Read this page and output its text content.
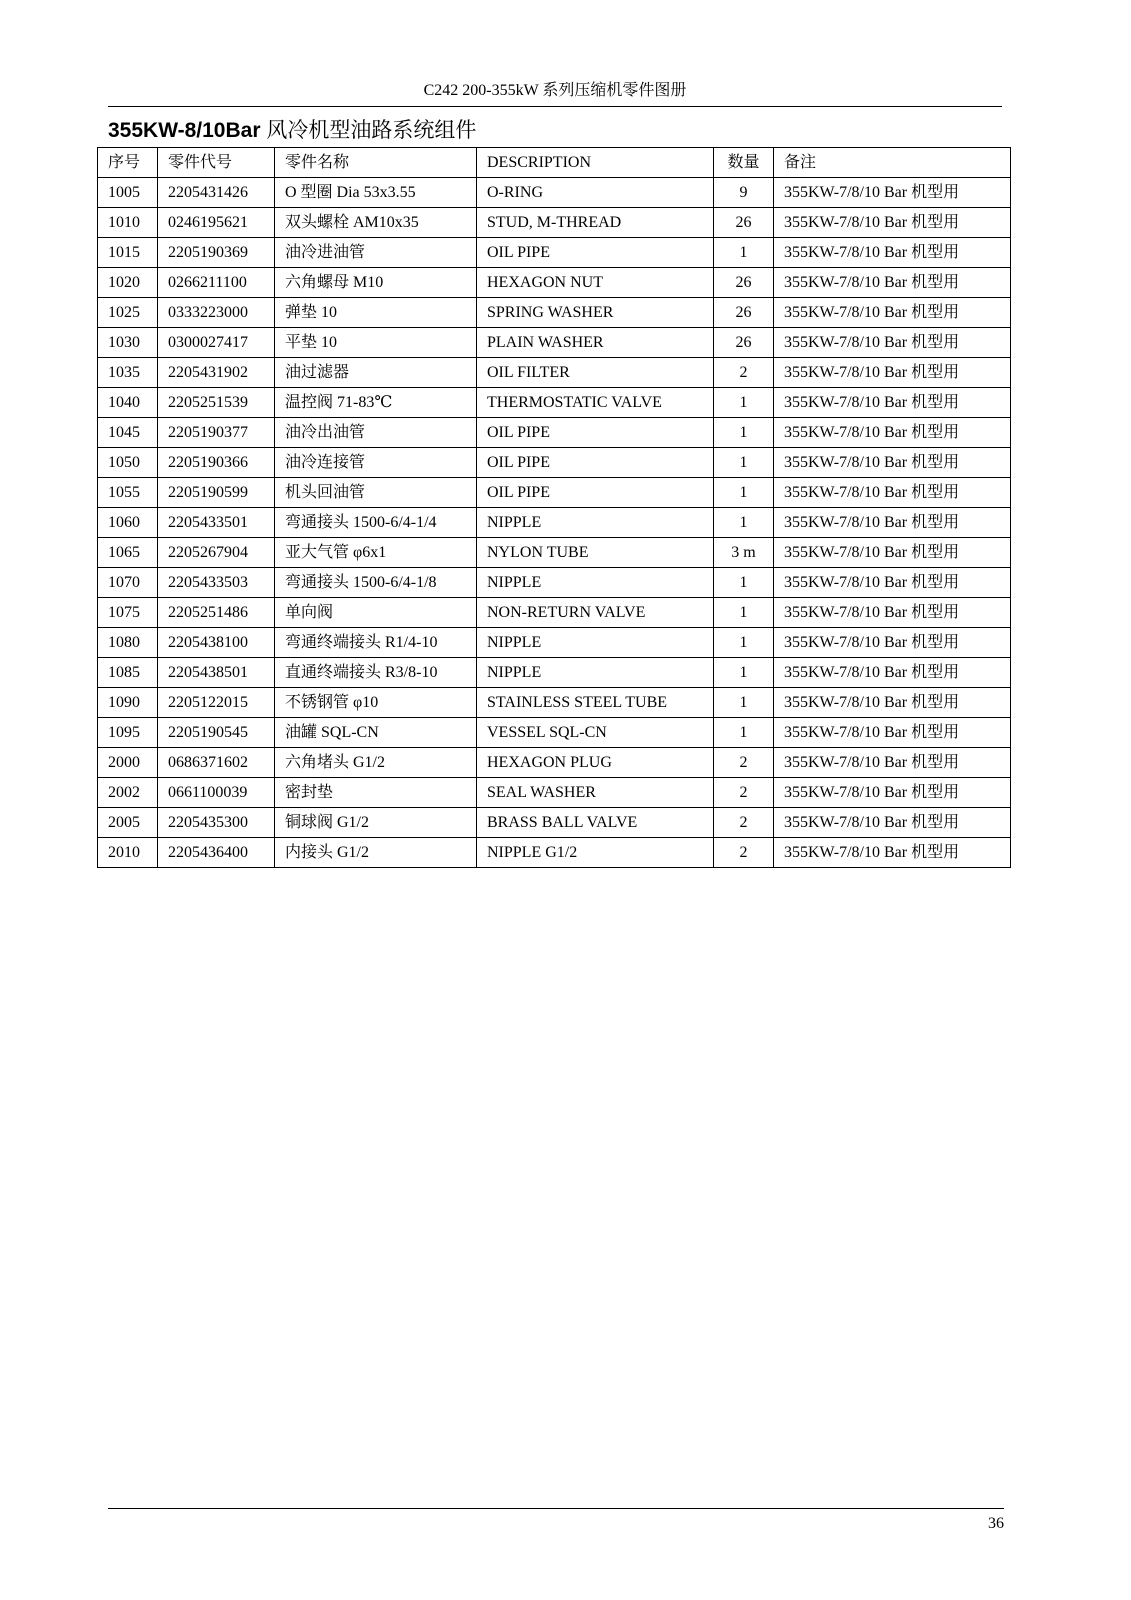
C242 200-355kW 系列压缩机零件图册
355KW-8/10Bar 风冷机型油路系统组件
序号	零件代号	零件名称	DESCRIPTION	数量	备注
1005	2205431426	O 型圈 Dia 53x3.55	O-RING	9	355KW-7/8/10 Bar 机型用
1010	0246195621	双头螺栓 AM10x35	STUD, M-THREAD	26	355KW-7/8/10 Bar 机型用
1015	2205190369	油冷进油管	OIL PIPE	1	355KW-7/8/10 Bar 机型用
1020	0266211100	六角螺母 M10	HEXAGON NUT	26	355KW-7/8/10 Bar 机型用
1025	0333223000	弹垫 10	SPRING WASHER	26	355KW-7/8/10 Bar 机型用
1030	0300027417	平垫 10	PLAIN WASHER	26	355KW-7/8/10 Bar 机型用
1035	2205431902	油过滤器	OIL FILTER	2	355KW-7/8/10 Bar 机型用
1040	2205251539	温控阀 71-83℃	THERMOSTATIC VALVE	1	355KW-7/8/10 Bar 机型用
1045	2205190377	油冷出油管	OIL PIPE	1	355KW-7/8/10 Bar 机型用
1050	2205190366	油冷连接管	OIL PIPE	1	355KW-7/8/10 Bar 机型用
1055	2205190599	机头回油管	OIL PIPE	1	355KW-7/8/10 Bar 机型用
1060	2205433501	弯通接头 1500-6/4-1/4	NIPPLE	1	355KW-7/8/10 Bar 机型用
1065	2205267904	亚大气管 φ6x1	NYLON TUBE	3 m	355KW-7/8/10 Bar 机型用
1070	2205433503	弯通接头 1500-6/4-1/8	NIPPLE	1	355KW-7/8/10 Bar 机型用
1075	2205251486	单向阀	NON-RETURN VALVE	1	355KW-7/8/10 Bar 机型用
1080	2205438100	弯通终端接头 R1/4-10	NIPPLE	1	355KW-7/8/10 Bar 机型用
1085	2205438501	直通终端接头 R3/8-10	NIPPLE	1	355KW-7/8/10 Bar 机型用
1090	2205122015	不锈钢管 φ10	STAINLESS STEEL TUBE	1	355KW-7/8/10 Bar 机型用
1095	2205190545	油罐 SQL-CN	VESSEL SQL-CN	1	355KW-7/8/10 Bar 机型用
2000	0686371602	六角堵头 G1/2	HEXAGON PLUG	2	355KW-7/8/10 Bar 机型用
2002	0661100039	密封垫	SEAL WASHER	2	355KW-7/8/10 Bar 机型用
2005	2205435300	铜球阀 G1/2	BRASS BALL VALVE	2	355KW-7/8/10 Bar 机型用
2010	2205436400	内接头 G1/2	NIPPLE G1/2	2	355KW-7/8/10 Bar 机型用
36
